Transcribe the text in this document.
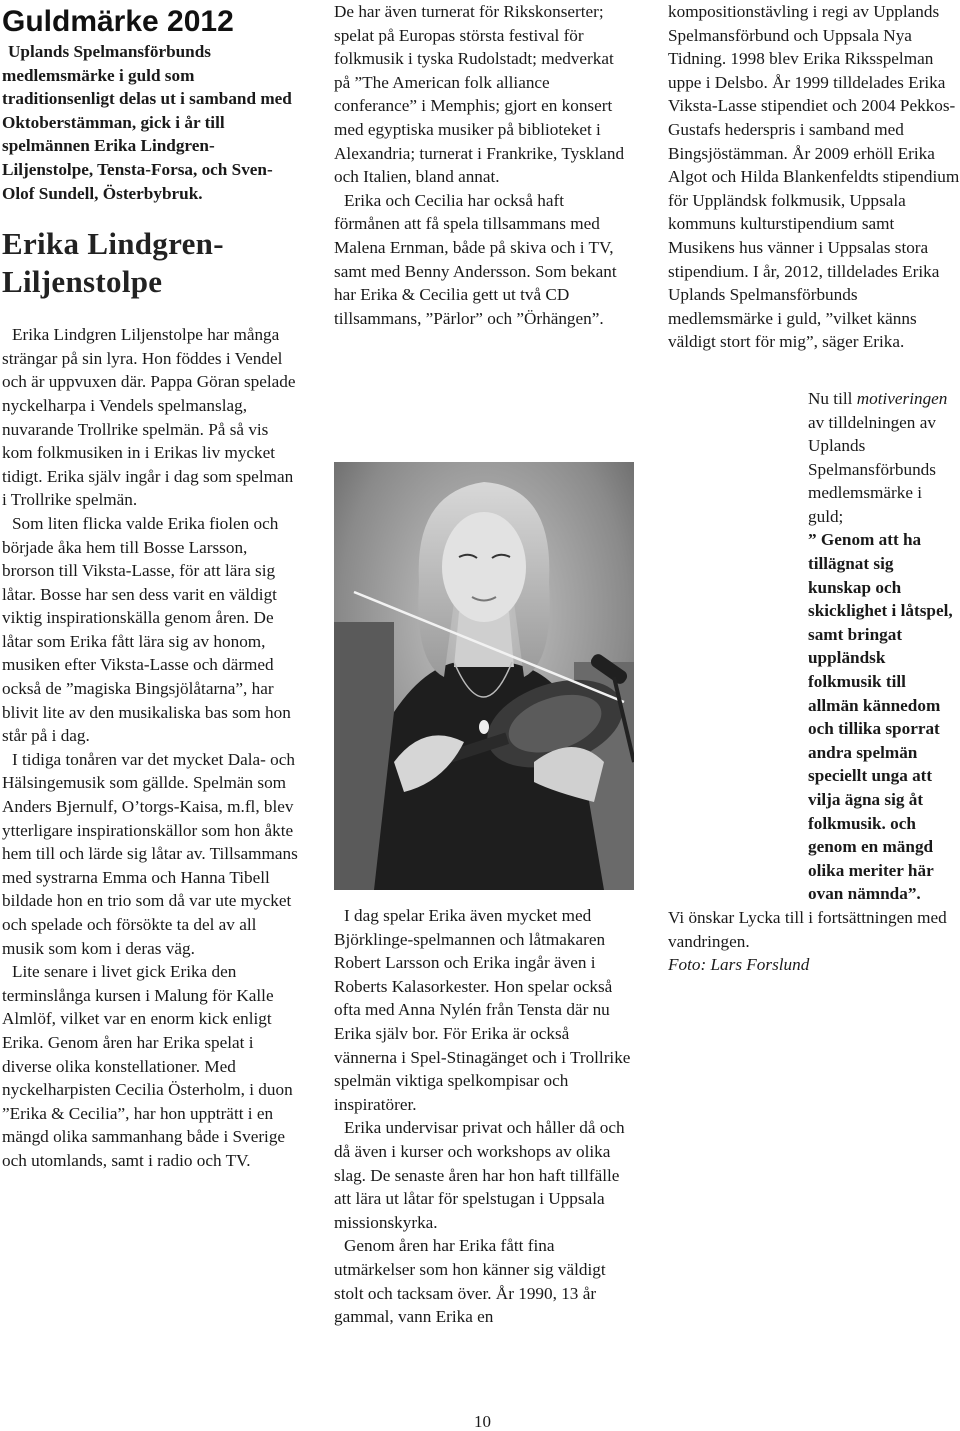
Guldmärke 2012

Uplands Spelmansförbunds medlemsmärke i guld som traditionsenligt delas ut i samband med Oktoberstämman, gick i år till spelmännen Erika Lindgren-Liljenstolpe, Tensta-Forsa, och Sven-Olof Sundell, Österbybruk.

Erika Lindgren-Liljenstolpe

Erika Lindgren Liljenstolpe har många strängar på sin lyra. Hon föddes i Vendel och är uppvuxen där. Pappa Göran spelade nyckelharpa i Vendels spelmanslag, nuvarande Trollrike spelmän. På så vis kom folkmusiken in i Erikas liv mycket tidigt. Erika själv ingår i dag som spelman i Trollrike spelmän.

Som liten flicka valde Erika fiolen och började åka hem till Bosse Larsson, brorson till Viksta-Lasse, för att lära sig låtar. Bosse har sen dess varit en väldigt viktig inspirationskälla genom åren. De låtar som Erika fått lära sig av honom, musiken efter Viksta-Lasse och därmed också de ”magiska Bingsjölåtarna”, har blivit lite av den musikaliska bas som hon står på i dag.

I tidiga tonåren var det mycket Dala- och Hälsingemusik som gällde. Spelmän som Anders Bjernulf, O’torgs-Kaisa, m.fl, blev ytterligare inspirationskällor som hon åkte hem till och lärde sig låtar av. Tillsammans med systrarna Emma och Hanna Tibell bildade hon en trio som då var ute mycket och spelade och försökte ta del av all musik som kom i deras väg.

Lite senare i livet gick Erika den terminslånga kursen i Malung för Kalle Almlöf, vilket var en enorm kick enligt Erika. Genom åren har Erika spelat i diverse olika konstellationer. Med nyckelharpisten Cecilia Österholm, i duon ”Erika & Cecilia”, har hon uppträtt i en mängd olika sammanhang både i Sverige och utomlands, samt i radio och TV.

De har även turnerat för Rikskonserter; spelat på Europas största festival för folkmusik i tyska Rudolstadt; medverkat på ”The American folk alliance conferance” i Memphis; gjort en konsert med egyptiska musiker på biblioteket i Alexandria; turnerat i Frankrike, Tyskland och Italien, bland annat.

Erika och Cecilia har också haft förmånen att få spela tillsammans med Malena Ernman, både på skiva och i TV, samt med Benny Andersson. Som bekant har Erika & Cecilia gett ut två CD tillsammans, ”Pärlor” och ”Örhängen”.

I dag spelar Erika även mycket med Björklinge-spelmannen och låtmakaren Robert Larsson och Erika ingår även i Roberts Kalasorkester. Hon spelar också ofta med Anna Nylén från Tensta där nu Erika själv bor. För Erika är också vännerna i Spel-Stinagänget och i Trollrike spelmän viktiga spelkompisar och inspiratörer.

Erika undervisar privat och håller då och då även i kurser och workshops av olika slag. De senaste åren har hon haft tillfälle att lära ut låtar för spelstugan i Uppsala missionskyrka.

Genom åren har Erika fått fina utmärkelser som hon känner sig väldigt stolt och tacksam över. År 1990, 13 år gammal, vann Erika en

kompositionstävling i regi av Upplands Spelmansförbund och Uppsala Nya Tidning. 1998 blev Erika Riksspelman uppe i Delsbo. År 1999 tilldelades Erika Viksta-Lasse stipendiet och 2004 Pekkos-Gustafs hederspris i samband med Bingsjöstämman. År 2009 erhöll Erika Algot och Hilda Blankenfeldts stipendium för Uppländsk folkmusik, Uppsala kommuns kulturstipendium samt Musikens hus vänner i Uppsalas stora stipendium. I år, 2012, tilldelades Erika Uplands Spelmansförbunds medlemsmärke i guld, ”vilket känns väldigt stort för mig”, säger Erika.

Nu till motiveringen av tilldelningen av Uplands Spelmansförbunds medlemsmärke i guld;

” Genom att ha tillägnat sig kunskap och skicklighet i låtspel, samt bringat uppländsk folkmusik till allmän kännedom och tillika sporrat andra spelmän speciellt unga att vilja ägna sig åt folkmusik. och genom en mängd olika meriter här ovan nämnda”.

Vi önskar Lycka till i fortsättningen med vandringen.

Foto: Lars Forslund

10
